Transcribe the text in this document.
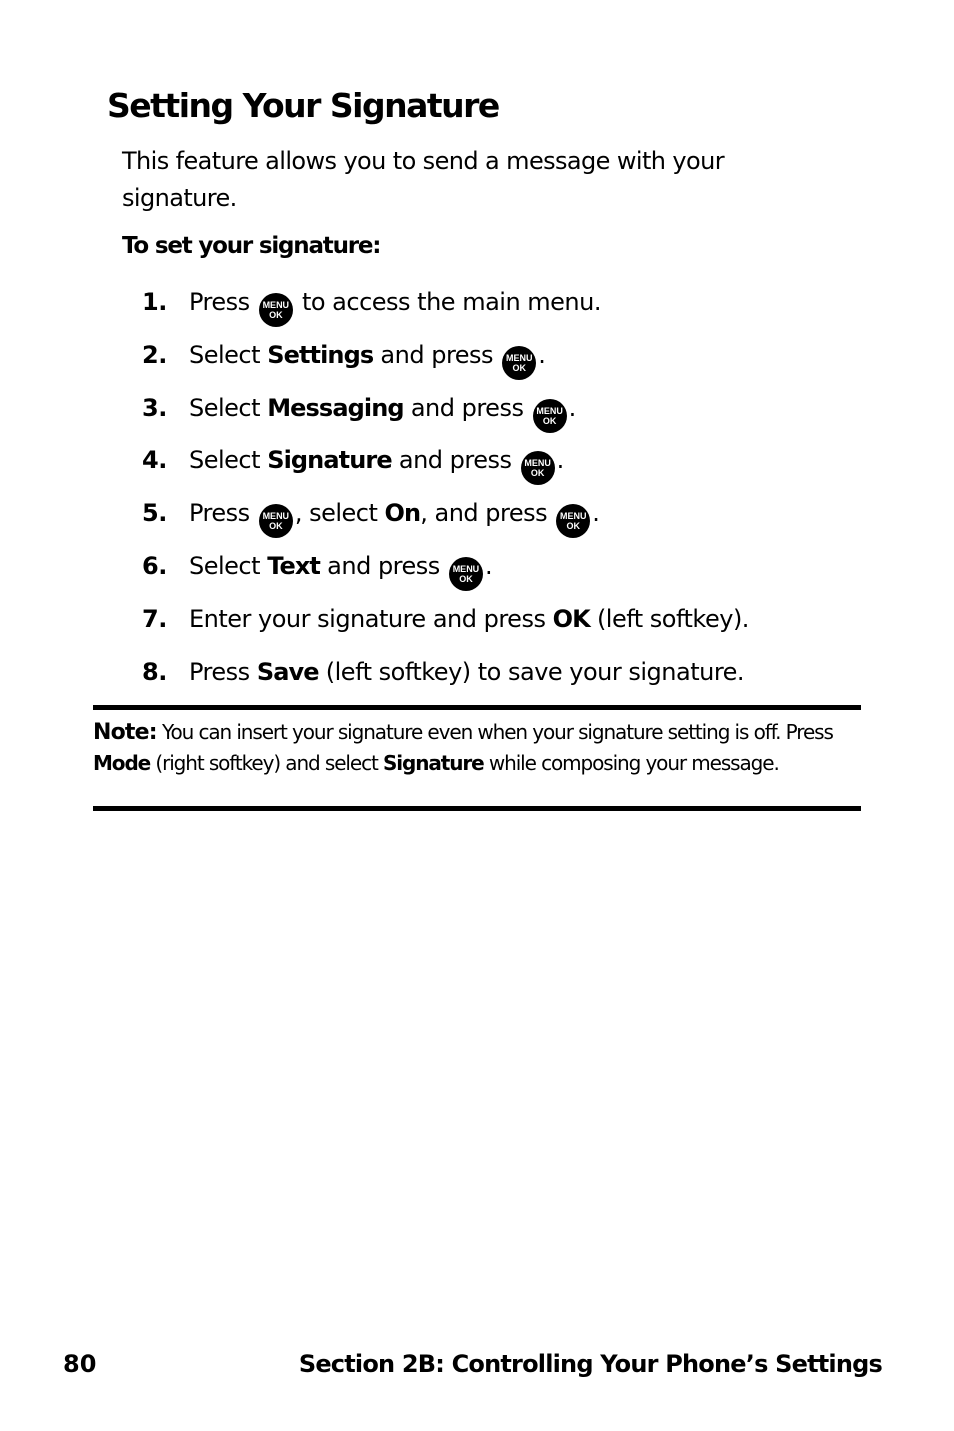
Setting Your Signature
This feature allows you to send a message with your signature.
To set your signature:
1. Press	MENU
OK to access the main menu.
2. Select Settings and press	MENU
OK .
3. Select Messaging and press	MENU
OK .
4. Select Signature and press	MENU
OK .
5. Press	MENU
OK , select On, and press	MENU
OK .
6. Select Text and press	MENU
OK .
7. Enter your signature and press OK (left softkey).
8. Press Save (left softkey) to save your signature.
Note: You can insert your signature even when your signature setting is off. Press Mode (right softkey) and select Signature while composing your message.
80	Section 2B: Controlling Your Phone’s Settings
